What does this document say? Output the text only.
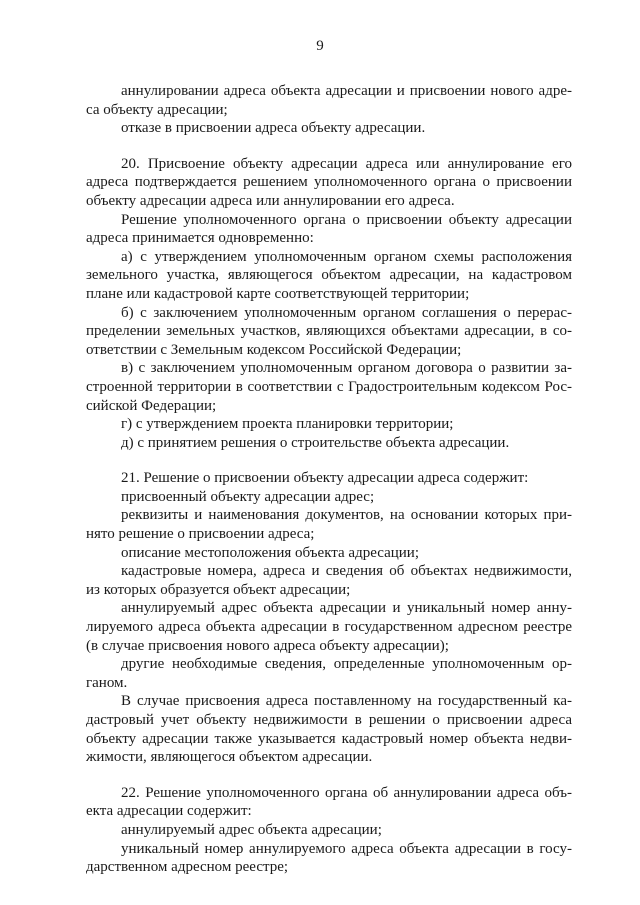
9

аннулировании адреса объекта адресации и присвоении нового адреса объекту адресации;

отказе в присвоении адреса объекту адресации.

20. Присвоение объекту адресации адреса или аннулирование его адреса подтверждается решением уполномоченного органа о присвоении объекту адресации адреса или аннулировании его адреса.

Решение уполномоченного органа о присвоении объекту адресации адреса принимается одновременно:

а) с утверждением уполномоченным органом схемы расположения земельного участка, являющегося объектом адресации, на кадастровом плане или кадастровой карте соответствующей территории;

б) с заключением уполномоченным органом соглашения о перераспределении земельных участков, являющихся объектами адресации, в соответствии с Земельным кодексом Российской Федерации;

в) с заключением уполномоченным органом договора о развитии застроенной территории в соответствии с Градостроительным кодексом Российской Федерации;

г) с утверждением проекта планировки территории;

д) с принятием решения о строительстве объекта адресации.

21. Решение о присвоении объекту адресации адреса содержит:

присвоенный объекту адресации адрес;

реквизиты и наименования документов, на основании которых принято решение о присвоении адреса;

описание местоположения объекта адресации;

кадастровые номера, адреса и сведения об объектах недвижимости, из которых образуется объект адресации;

аннулируемый адрес объекта адресации и уникальный номер аннулируемого адреса объекта адресации в государственном адресном реестре (в случае присвоения нового адреса объекту адресации);

другие необходимые сведения, определенные уполномоченным органом.

В случае присвоения адреса поставленному на государственный кадастровый учет объекту недвижимости в решении о присвоении адреса объекту адресации также указывается кадастровый номер объекта недвижимости, являющегося объектом адресации.

22. Решение уполномоченного органа об аннулировании адреса объекта адресации содержит:

аннулируемый адрес объекта адресации;

уникальный номер аннулируемого адреса объекта адресации в государственном адресном реестре;
